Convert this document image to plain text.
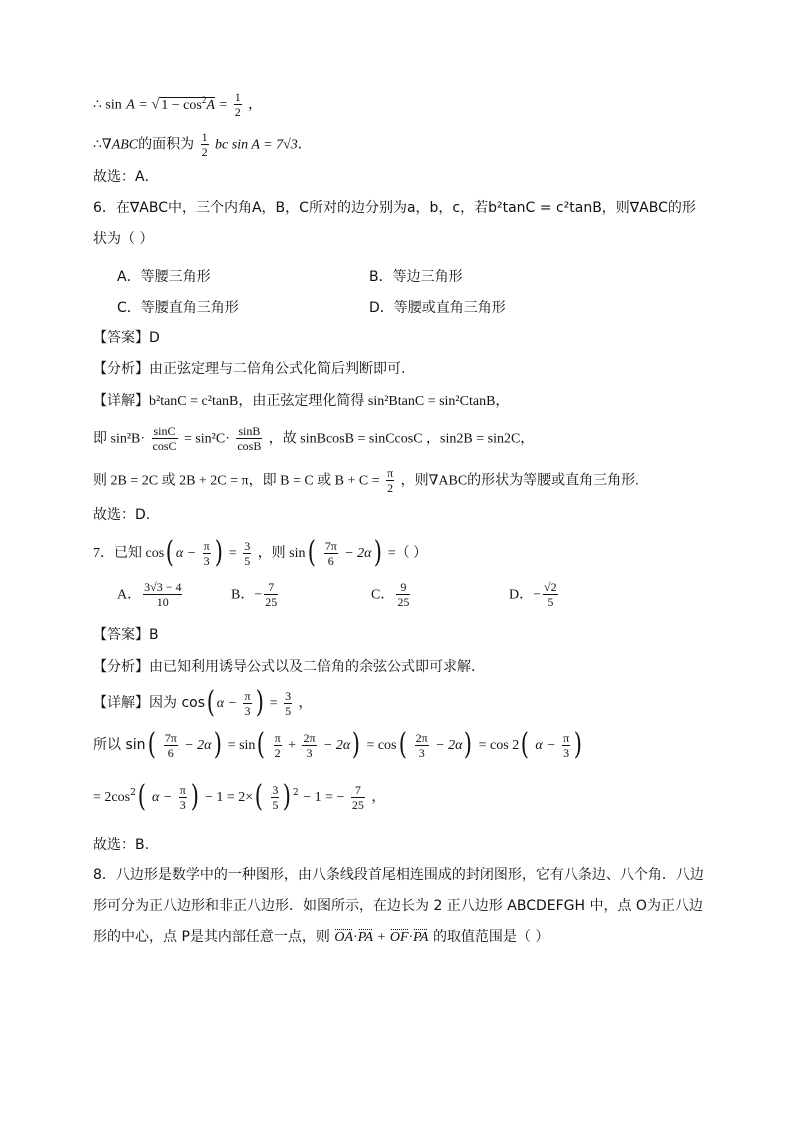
∴ sin A = √ $1 - \cos^2A = \frac{1}{2}$ ，
∴∇ABC的面积为 $\frac{1}{2}$ bc sin A = 7√3．
故选：A．
6．在∇ABC中，三个内角A，B，C所对的边分别为a，b，c，若b²tanC = c²tanB，则∇ABC的形
状为（ ）
A．等腰三角形	B．等边三角形
C．等腰直角三角形	D．等腰或直角三角形
【答案】D
【分析】由正弦定理与二倍角公式化简后判断即可.
【详解】b²tanC = c²tanB，由正弦定理化简得 sin²BtanC = sin²CtanB，
即 $\sin^2B\cdot \frac{\sin C}{\cos C} = \sin^2C\cdot \frac{\sin B}{\cos B}$ ，故 sinBcosB = sinCcosC ，sin2B = sin2C，
则 2B = 2C 或 2B + 2C = π，即 B = C 或 $B + C = \frac{\pi}{2}$ ，则∇ABC的形状为等腰或直角三角形.
故选：D.
7．已知 cos( $\alpha - \frac{\pi}{3}$ ) = $\frac{3}{5}$ ，则 $\sin( \frac{7\pi}{6} - 2\alpha)$ =（ ）
A． $\frac{3√3 - 4}{10}$	B．− $\frac{7}{25}$	C． $\frac{9}{25}$	D．− $\frac{√2}{5}$
【答案】B
【分析】由已知利用诱导公式以及二倍角的余弦公式即可求解.
【详解】因为 cos( $\alpha - \frac{\pi}{3}$ ) = $\frac{3}{5}$ ，
所以 $\sin( \frac{7\pi}{6} - 2\alpha) = \sin( \frac{\pi}{2} + \frac{2\pi}{3} - 2\alpha) = \cos( \frac{2\pi}{3} - 2\alpha) = \cos 2$( $\alpha - \frac{\pi}{3}$ )
= $2\cos^2$( $\alpha - \frac{\pi}{3}$ ) − $1 = 2\times( \frac{3}{5}$ ) $^2$ − 1 = − $\frac{7}{25}$ ，
故选：B.
8．八边形是数学中的一种图形，由八条线段首尾相连围成的封闭图形，它有八条边、八个角．八边
形可分为正八边形和非正八边形．如图所示，在边长为 2 正八边形 ABCDEFGH 中，点 O为正八边
形的中心，点 P是其内部任意一点，则 OA·PA + OF·PA 的取值范围是（ ）
